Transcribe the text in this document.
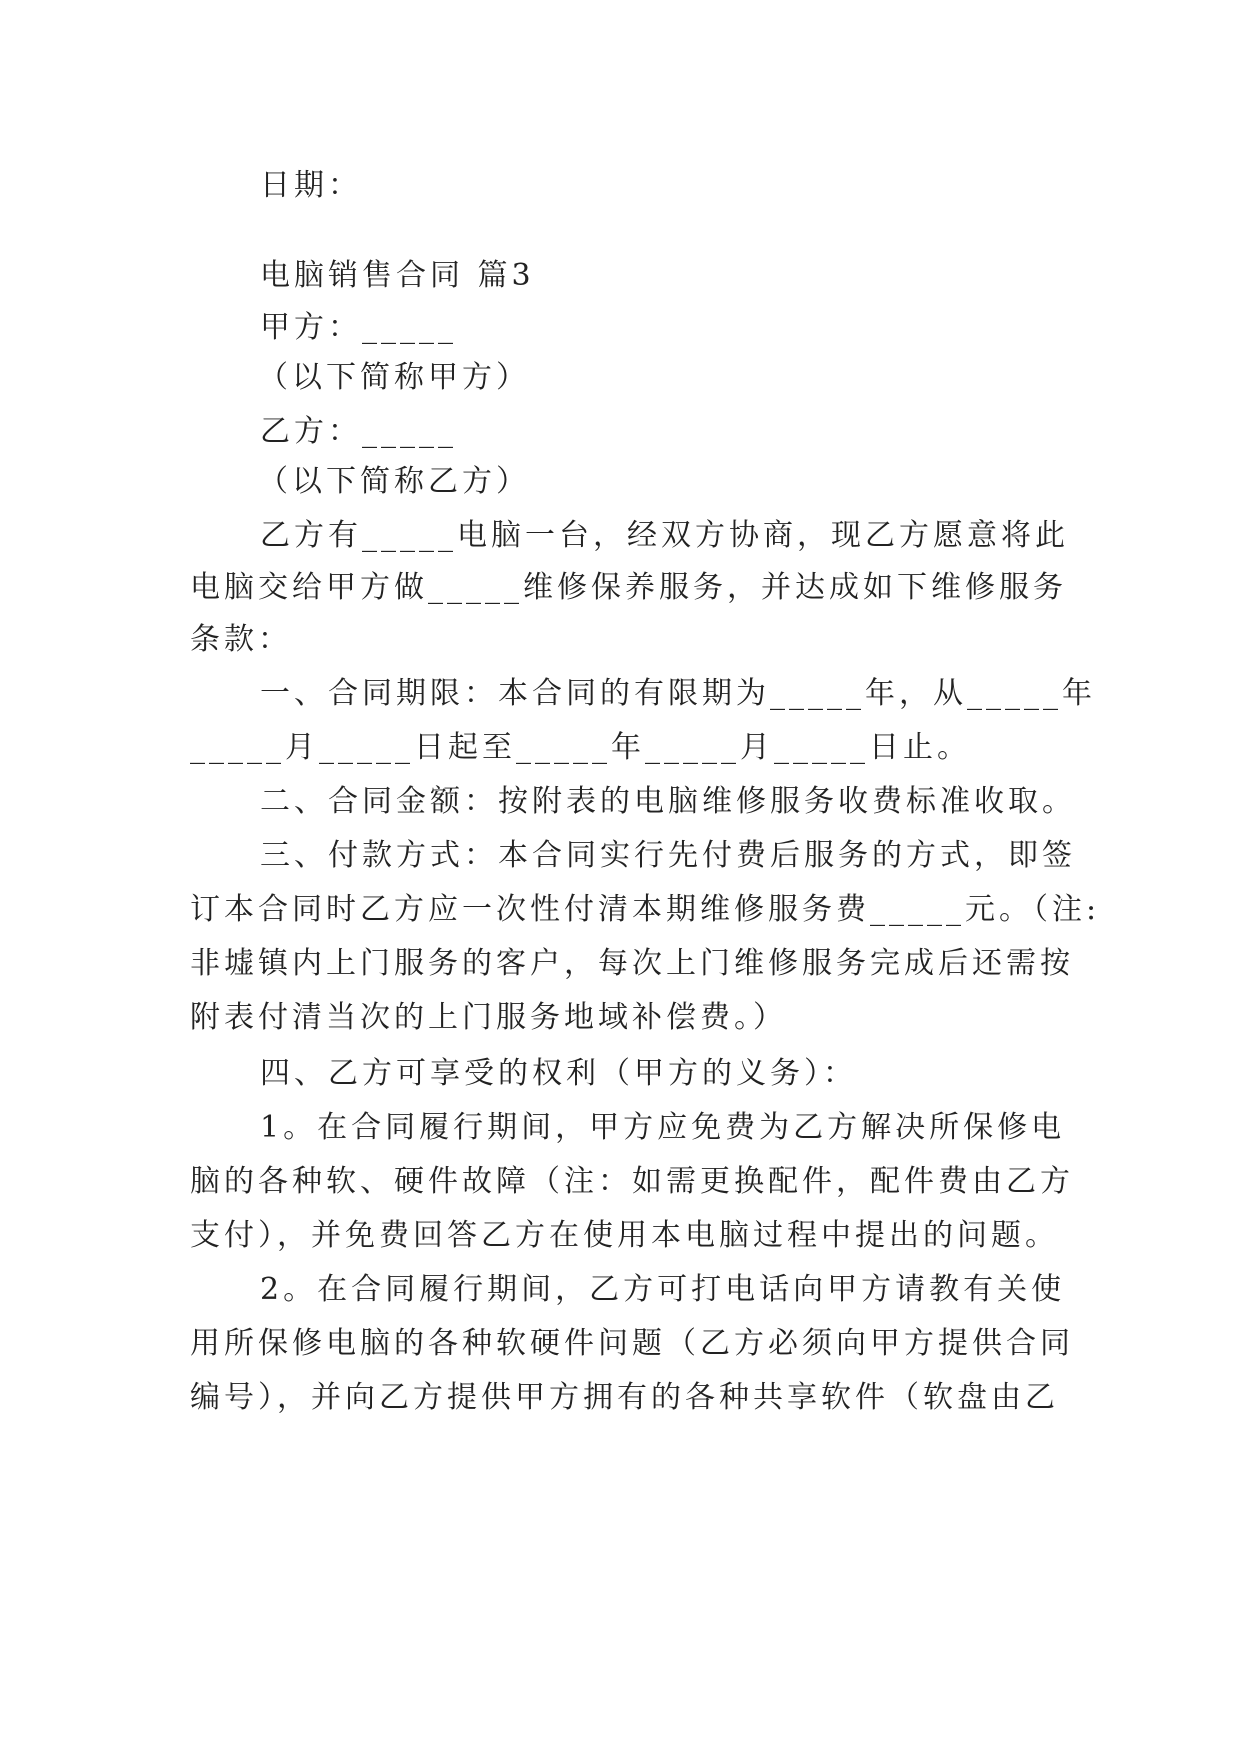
日期：
电脑销售合同 篇3
甲方：_____
（以下简称甲方）
乙方：_____
（以下简称乙方）
乙方有_____电脑一台，经双方协商，现乙方愿意将此
电脑交给甲方做_____维修保养服务，并达成如下维修服务
条款：
一、合同期限：本合同的有限期为_____年，从_____年
_____月_____日起至_____年_____月_____日止。
二、合同金额：按附表的电脑维修服务收费标准收取。
三、付款方式：本合同实行先付费后服务的方式，即签
订本合同时乙方应一次性付清本期维修服务费_____元。（注:
非墟镇内上门服务的客户，每次上门维修服务完成后还需按
附表付清当次的上门服务地域补偿费。）
四、乙方可享受的权利（甲方的义务）：
1。在合同履行期间，甲方应免费为乙方解决所保修电
脑的各种软、硬件故障（注：如需更换配件，配件费由乙方
支付），并免费回答乙方在使用本电脑过程中提出的问题。
2。在合同履行期间，乙方可打电话向甲方请教有关使
用所保修电脑的各种软硬件问题（乙方必须向甲方提供合同
编号），并向乙方提供甲方拥有的各种共享软件（软盘由乙
